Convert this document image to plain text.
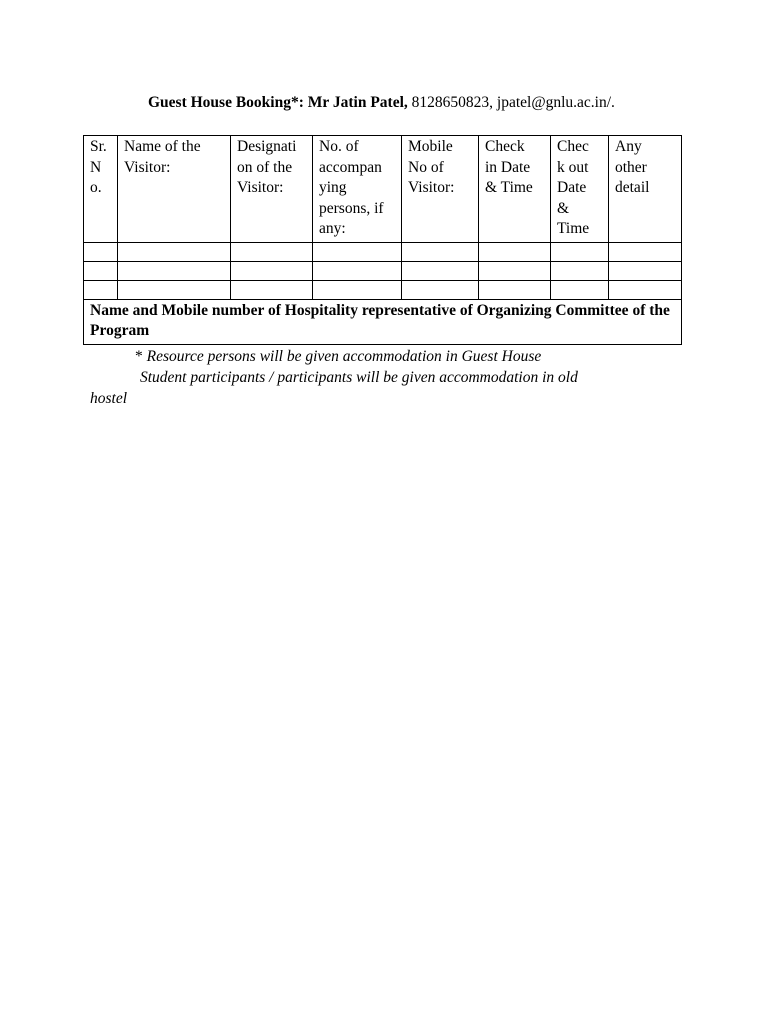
Guest House Booking*: Mr Jatin Patel, 8128650823, jpatel@gnlu.ac.in/.
Sr.
N
o.	Name of the
Visitor:	Designati
on of the
Visitor:	No. of
accompan
ying
persons, if
any:	Mobile
No of
Visitor:	Check
in Date
& Time	Chec
k out
Date
&
Time	Any
other
detail

Name and Mobile number of Hospitality representative of Organizing Committee of the Program							
* Resource persons will be given accommodation in Guest House
Student participants / participants will be given accommodation in old
hostel
